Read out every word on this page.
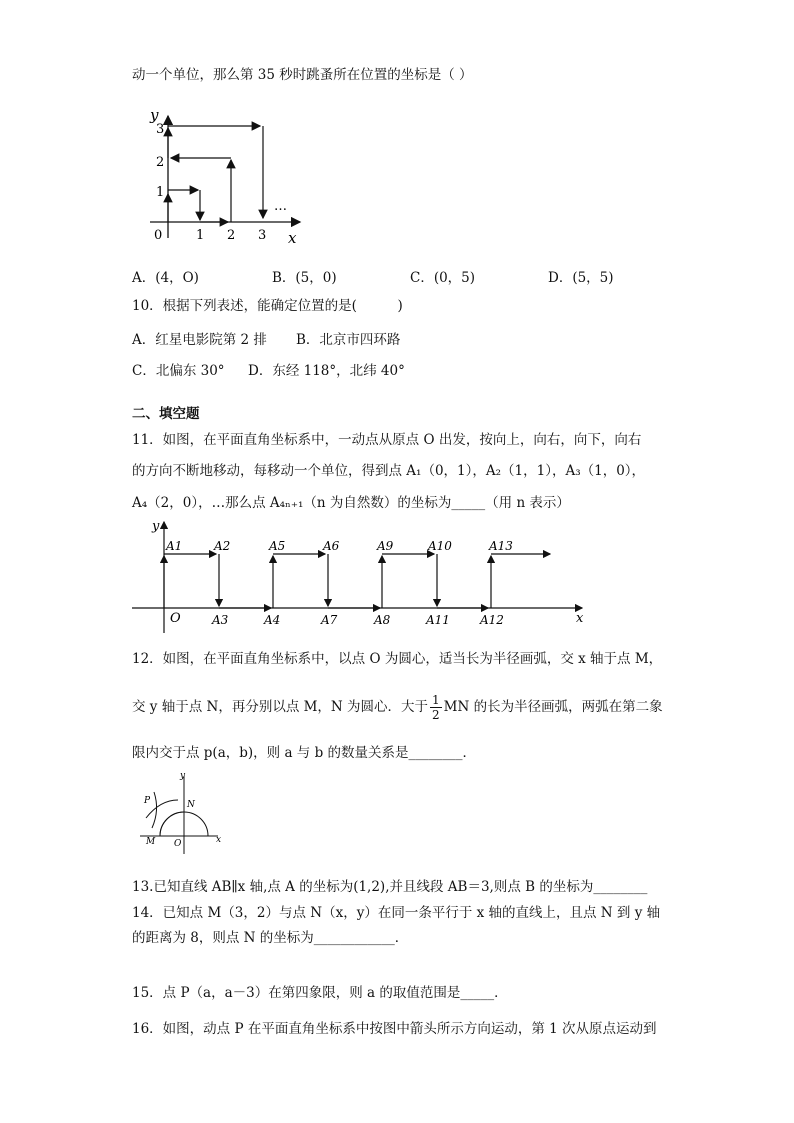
动一个单位，那么第 35 秒时跳蚤所在位置的坐标是（ ）
y
x
0	1 2 3
1
2
3
…
A．(4，O)	B．(5，0)	C．(0，5)	D．(5，5)
10．根据下列表述，能确定位置的是(　　　)
A．红星电影院第 2 排 B．北京市四环路
C．北偏东 30° D．东经 118°，北纬 40°
二、填空题
11．如图，在平面直角坐标系中，一动点从原点 O 出发，按向上，向右，向下，向右
的方向不断地移动，每移动一个单位，得到点 A₁（0，1），A₂（1，1），A₃（1，0），
A₄（2，0），…那么点 A₄ₙ₊₁（n 为自然数）的坐标为_____（用 n 表示）
y
x
O
A1	A2	A5	A6	A9	A10	A13
A3	A4	A7	A8	A11	A12
12．如图，在平面直角坐标系中，以点 O 为圆心，适当长为半径画弧，交 x 轴于点 M，
交 y 轴于点 N，再分别以点 M，N 为圆心．大于 $\frac{1}{2}$ MN 的长为半径画弧，两弧在第二象
限内交于点 p(a，b)，则 a 与 b 的数量关系是________．
y
x
P	N
M O
13.已知直线 AB∥x 轴,点 A 的坐标为(1,2),并且线段 AB＝3,则点 B 的坐标为________
14．已知点 M（3，2）与点 N（x，y）在同一条平行于 x 轴的直线上，且点 N 到 y 轴
的距离为 8，则点 N 的坐标为____________．
15．点 P（a，a－3）在第四象限，则 a 的取值范围是_____．
16．如图，动点 P 在平面直角坐标系中按图中箭头所示方向运动，第 1 次从原点运动到
